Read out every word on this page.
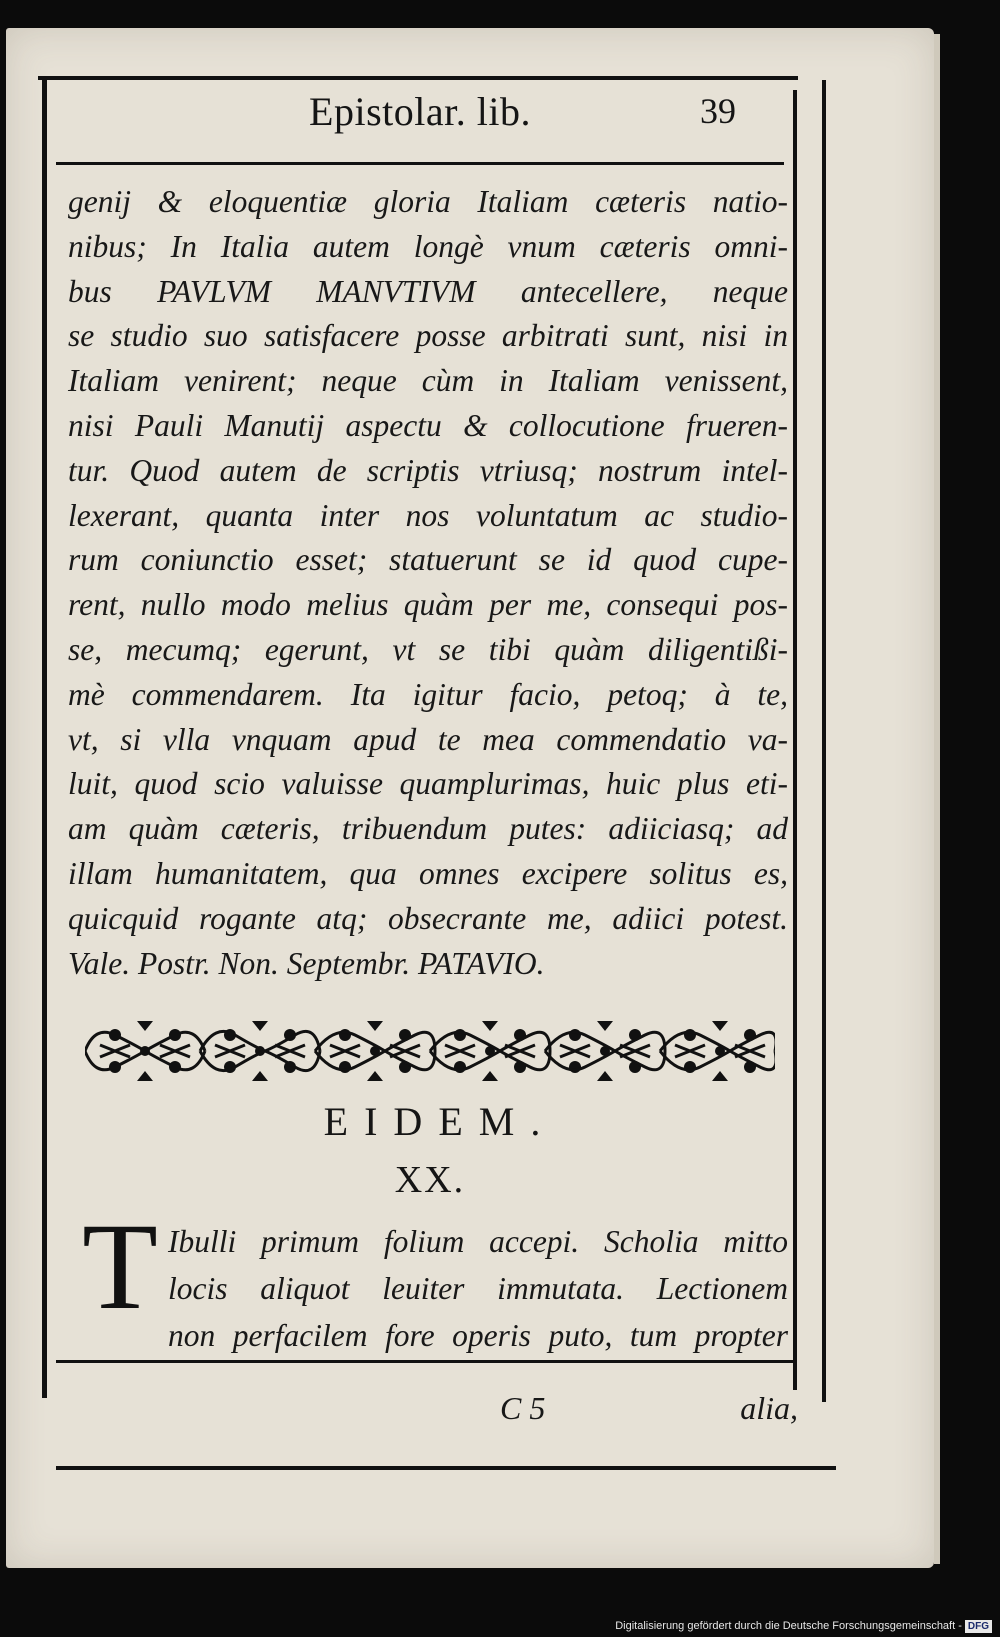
Epistolar. lib.	39
genij & eloquentiæ gloria Italiam cæteris natio-
nibus; In Italia autem longè vnum cæteris omni-
bus PAVLVM MANVTIVM antecellere, neque
se studio suo satisfacere posse arbitrati sunt, nisi in
Italiam venirent; neque cùm in Italiam venissent,
nisi Pauli Manutij aspectu & collocutione frueren-
tur. Quod autem de scriptis vtriusq; nostrum intel-
lexerant, quanta inter nos voluntatum ac studio-
rum coniunctio esset; statuerunt se id quod cupe-
rent, nullo modo melius quàm per me, consequi pos-
se, mecumq; egerunt, vt se tibi quàm diligentißi-
mè commendarem. Ita igitur facio, petoq; à te,
vt, si vlla vnquam apud te mea commendatio va-
luit, quod scio valuisse quamplurimas, huic plus eti-
am quàm cæteris, tribuendum putes: adiiciasq; ad
illam humanitatem, qua omnes excipere solitus es,
quicquid rogante atq; obsecrante me, adiici potest.
Vale. Postr. Non. Septembr. PATAVIO.
EIDEM.
XX.
T Ibulli primum folium accepi. Scholia mitto
locis aliquot leuiter immutata. Lectionem
non perfacilem fore operis puto, tum propter
C 5	alia,
Digitalisierung gefördert durch die Deutsche Forschungsgemeinschaft - DFG
